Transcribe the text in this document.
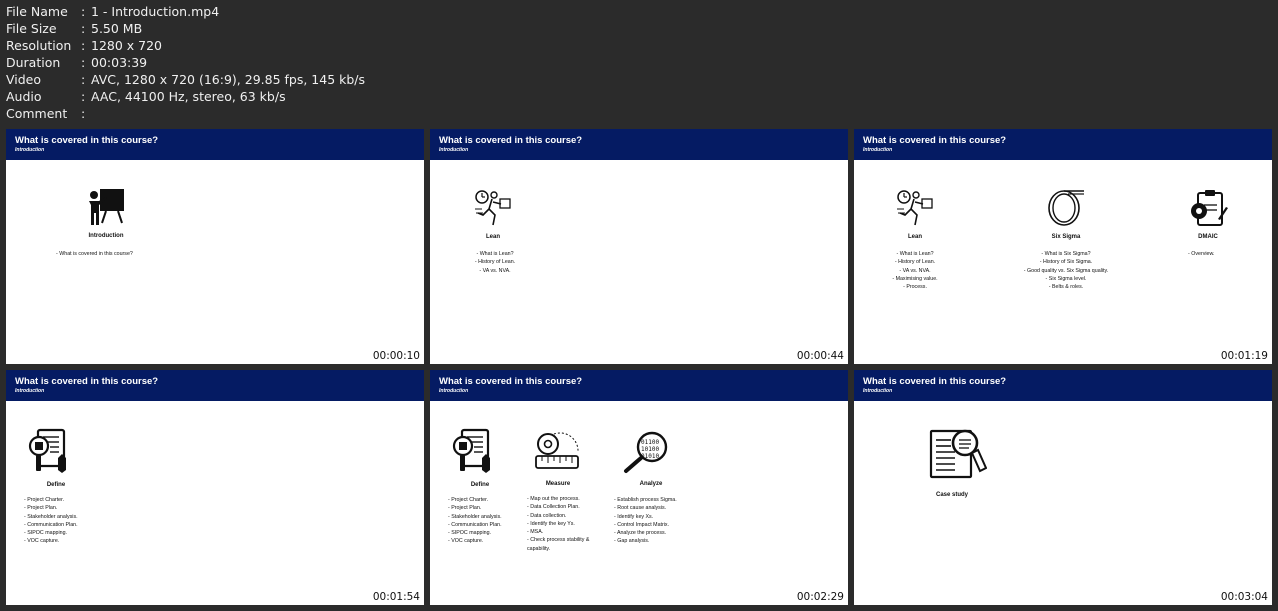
File Name	: 1 - Introduction.mp4
File Size	: 5.50 MB
Resolution : 1280 x 720
Duration	: 00:03:39
Video	: AVC, 1280 x 720 (16:9), 29.85 fps, 145 kb/s
Audio	: AAC, 44100 Hz, stereo, 63 kb/s
Comment	:
What is covered in this course?
Introduction
Introduction
- What is covered in this course?
00:00:10
What is covered in this course?
Introduction
Lean
- What is Lean?
- History of Lean.
- VA vs. NVA.
00:00:44
What is covered in this course?
Introduction
Lean
- What is Lean?
- History of Lean.
- VA vs. NVA.
- Maximising value.
- Process.
Six Sigma
- What is Six Sigma?
- History of Six Sigma.
- Good quality vs. Six Sigma quality.
- Six Sigma level.
- Belts & roles.
DMAIC
- Overview.
00:01:19
What is covered in this course?
Introduction
Define
- Project Charter.
- Project Plan.
- Stakeholder analysis.
- Communication Plan.
- SIPOC mapping.
- VOC capture.
00:01:54
What is covered in this course?
Introduction
Define
- Project Charter.
- Project Plan.
- Stakeholder analysis.
- Communication Plan.
- SIPOC mapping.
- VOC capture.
Measure
- Map out the process.
- Data Collection Plan.
- Data collection.
- Identify the key Ys.
- MSA.
- Check process stability & capability.
01100
10100
01010
Analyze
- Establish process Sigma.
- Root cause analysis.
- Identify key Xs.
- Control Impact Matrix.
- Analyze the process.
- Gap analysis.
00:02:29
What is covered in this course?
Introduction
Case study
00:03:04
